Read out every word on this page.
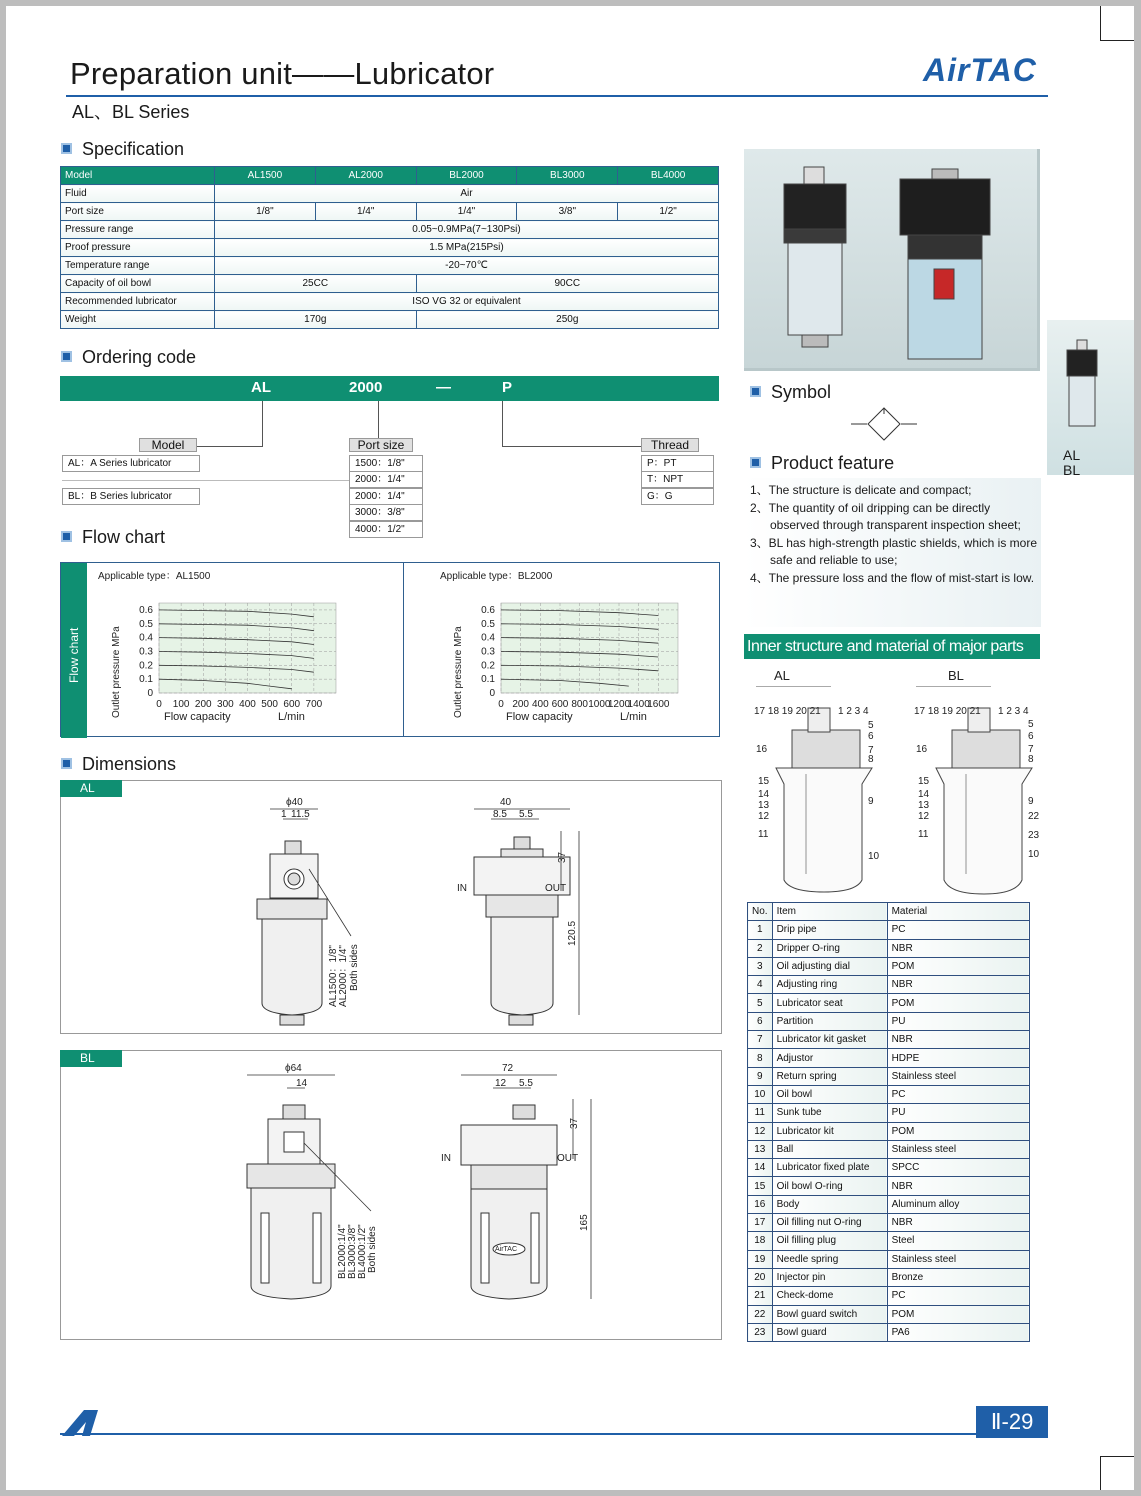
Preparation unit——Lubricator
AL、BL Series
AirTAC
Specification
Model	AL1500	AL2000	BL2000	BL3000	BL4000
Fluid	Air				
Port size	1/8"	1/4"	1/4"	3/8"	1/2"
Pressure range	0.05~0.9MPa(7~130Psi)				
Proof pressure	1.5 MPa(215Psi)				
Temperature range	-20~70℃				
Capacity of oil bowl	25CC		90CC		
Recommended lubricator	ISO VG 32 or equivalent				
Weight	170g		250g		
Ordering code
AL	2000	—	P
Model
AL：A Series lubricator
BL：B Series lubricator
Port size
1500：1/8"
2000：1/4"
2000：1/4"
3000：3/8"
4000：1/2"
Thread
P：PT
T：NPT
G：G
Flow chart
Flow chart
Applicable type：AL1500
0 100 200 300 400 500 600 700
0
0.1
0.2
0.3
0.4
0.5
0.6
Flow capacity	L/min
Outlet pressure MPa
Applicable type：BL2000
0 200 400 600 800 1000
1200
1400
1600
0
0.1
0.2
0.3
0.4
0.5
0.6
Flow capacity	L/min
Outlet pressure MPa
Dimensions
AL
ϕ40
1 11.5
40
8.5 5.5
IN	OUT
37
120.5
AL1500：1/8" AL2000：1/4" Both sides
BL
ϕ64
14
72
12 5.5
IN	OUT
37
165
BL2000:1/4" BL3000:3/8" BL4000:1/2" Both sides	AirTAC
AL
BL
Symbol
Product feature
1、The structure is delicate and compact;
2、The quantity of oil dripping can be directly observed through transparent inspection sheet;
3、BL has high-strength plastic shields, which is more safe and reliable to use;
4、The pressure loss and the flow of mist-start is low.
Inner structure and material of major parts
AL	BL
17 18 19 20 21 1 2 3 4
5
6
7
8
16
15
14
13
12
11
9
10
17 18 19 20 21 1 2 3 4
5
6
7
8
16
15
14
13
12
11
9
22
23
10
No.	Item	Material
1	Drip pipe	PC
2	Dripper O-ring	NBR
3	Oil adjusting dial	POM
4	Adjusting ring	NBR
5	Lubricator seat	POM
6	Partition	PU
7	Lubricator kit gasket	NBR
8	Adjustor	HDPE
9	Return spring	Stainless steel
10	Oil bowl	PC
11	Sunk tube	PU
12	Lubricator kit	POM
13	Ball	Stainless steel
14	Lubricator fixed plate	SPCC
15	Oil bowl O-ring	NBR
16	Body	Aluminum alloy
17	Oil filling nut O-ring	NBR
18	Oil filling plug	Steel
19	Needle spring	Stainless steel
20	Injector pin	Bronze
21	Check-dome	PC
22	Bowl guard switch	POM
23	Bowl guard	PA6
Ⅱ-29
